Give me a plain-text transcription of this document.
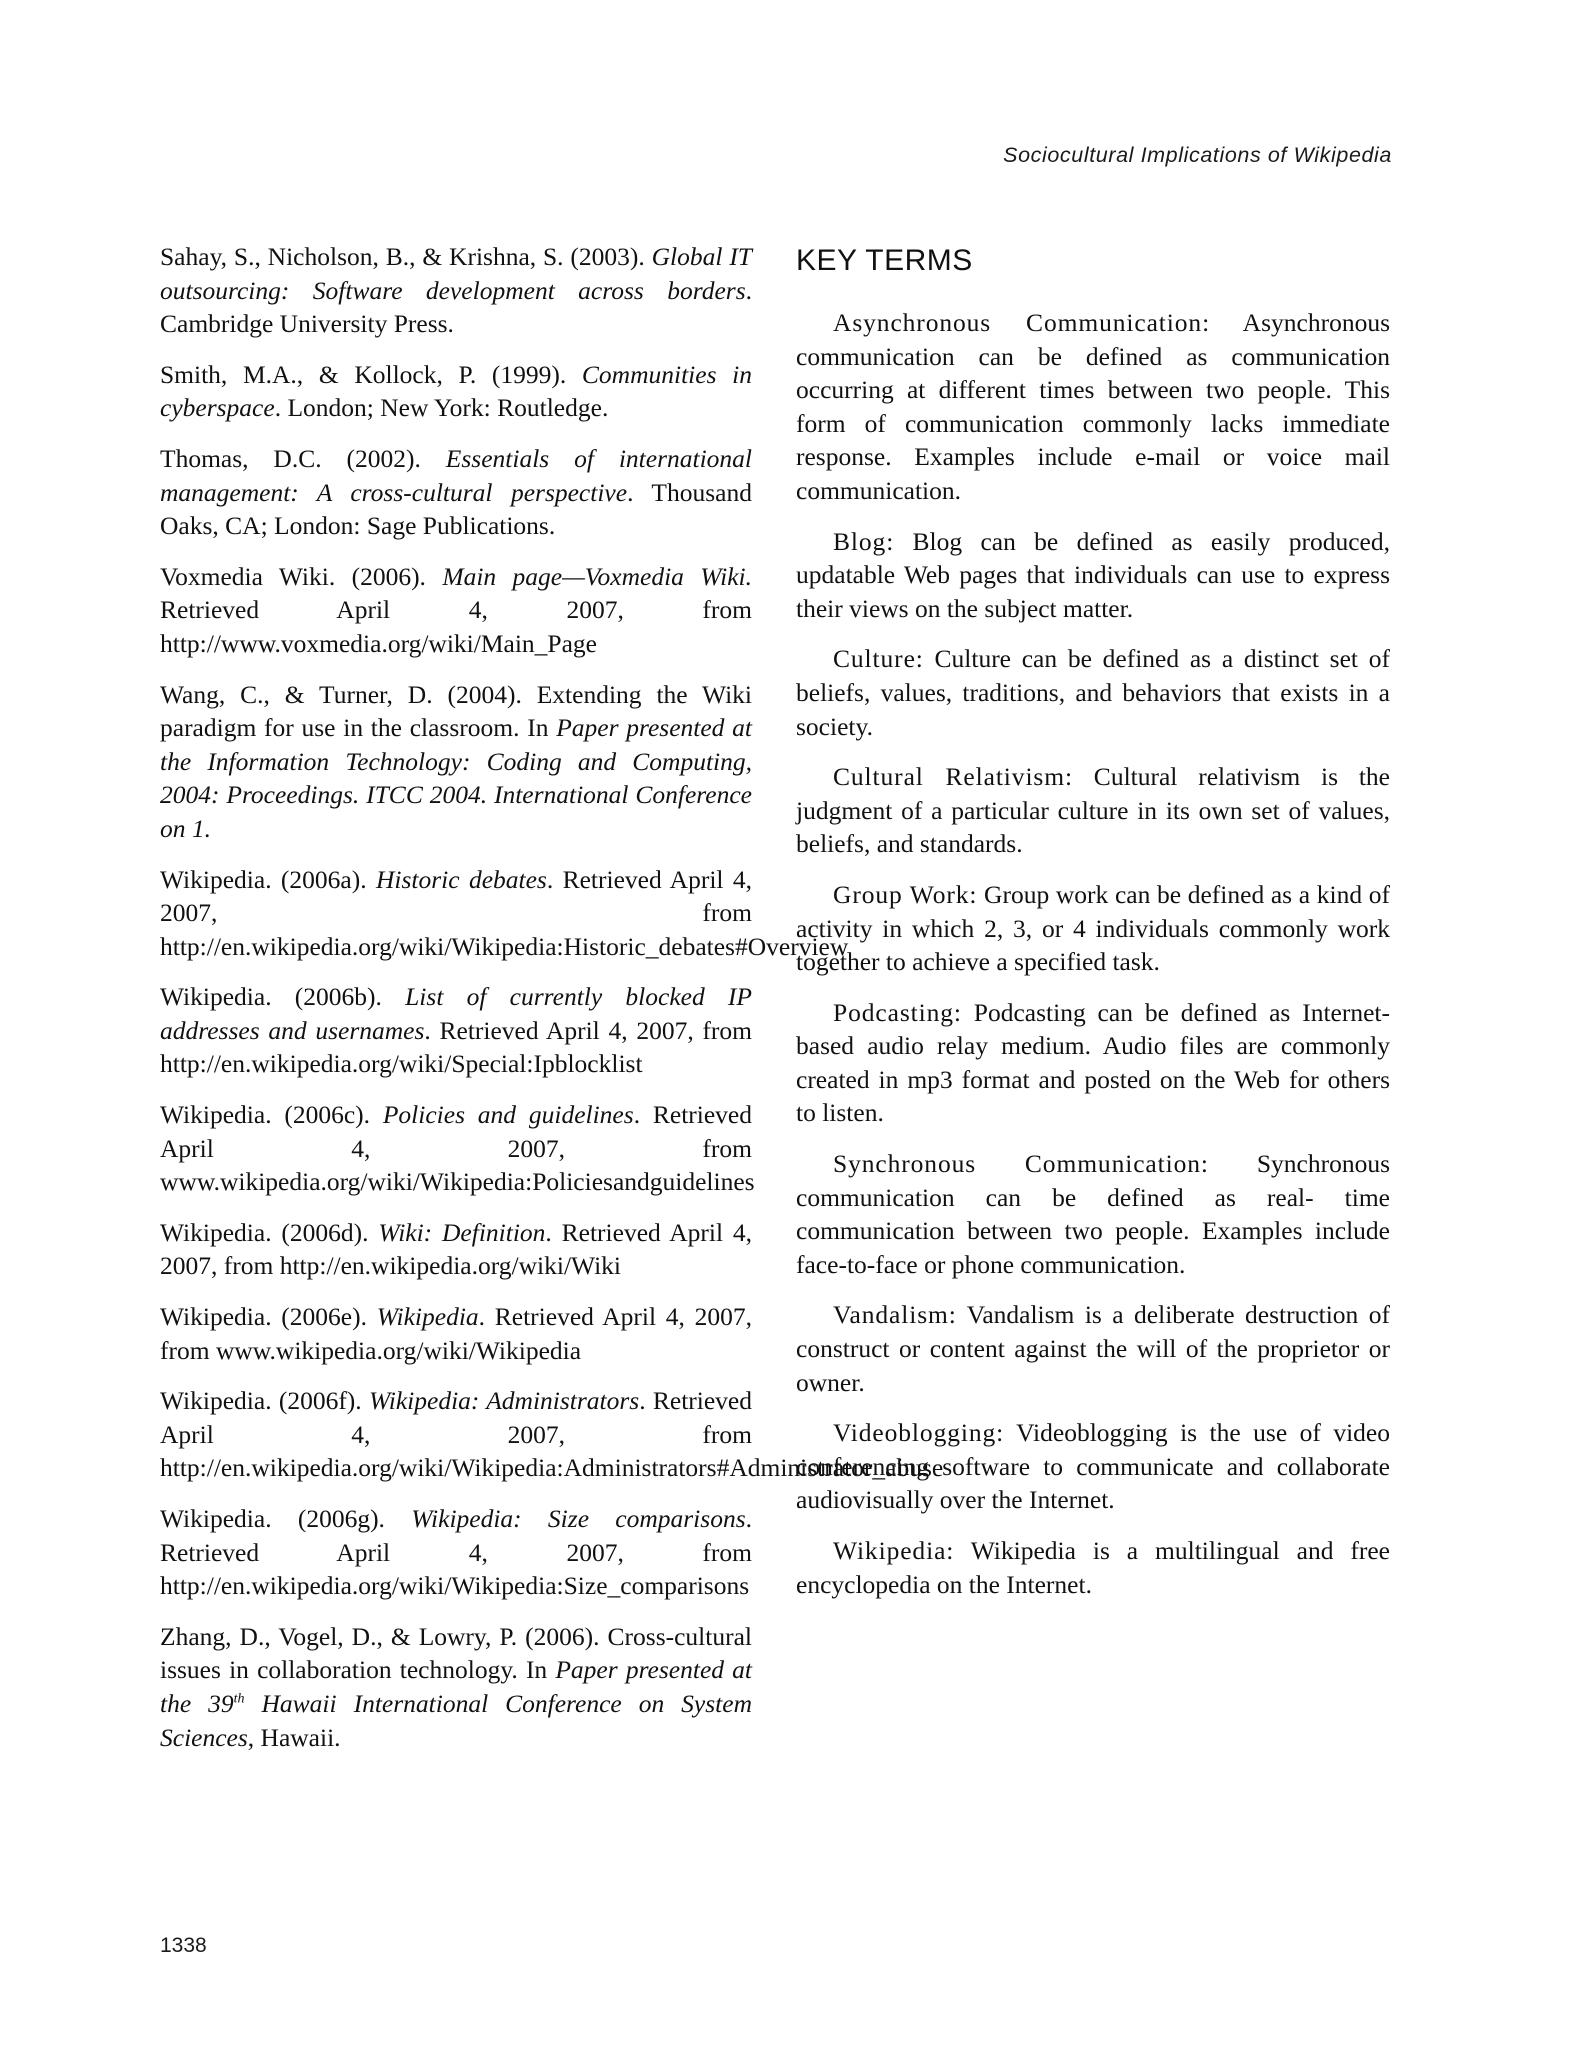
Sociocultural Implications of Wikipedia

Sahay, S., Nicholson, B., & Krishna, S. (2003). Global IT outsourcing: Software development across borders. Cambridge University Press.

Smith, M.A., & Kollock, P. (1999). Communities in cyberspace. London; New York: Routledge.

Thomas, D.C. (2002). Essentials of international management: A cross-cultural perspective. Thousand Oaks, CA; London: Sage Publications.

Voxmedia Wiki. (2006). Main page—Voxmedia Wiki. Retrieved April 4, 2007, from http://www.voxmedia.org/wiki/Main_Page

Wang, C., & Turner, D. (2004). Extending the Wiki paradigm for use in the classroom. In Paper presented at the Information Technology: Coding and Computing, 2004: Proceedings. ITCC 2004. International Conference on 1.

Wikipedia. (2006a). Historic debates. Retrieved April 4, 2007, from http://en.wikipedia.org/wiki/Wikipedia:Historic_debates#Overview

Wikipedia. (2006b). List of currently blocked IP addresses and usernames. Retrieved April 4, 2007, from http://en.wikipedia.org/wiki/Special:Ipblocklist

Wikipedia. (2006c). Policies and guidelines. Retrieved April 4, 2007, from www.wikipedia.org/wiki/Wikipedia:Policiesandguidelines

Wikipedia. (2006d). Wiki: Definition. Retrieved April 4, 2007, from http://en.wikipedia.org/wiki/Wiki

Wikipedia. (2006e). Wikipedia. Retrieved April 4, 2007, from www.wikipedia.org/wiki/Wikipedia

Wikipedia. (2006f). Wikipedia: Administrators. Retrieved April 4, 2007, from http://en.wikipedia.org/wiki/Wikipedia:Administrators#Administrator_abuse

Wikipedia. (2006g). Wikipedia: Size comparisons. Retrieved April 4, 2007, from http://en.wikipedia.org/wiki/Wikipedia:Size_comparisons

Zhang, D., Vogel, D., & Lowry, P. (2006). Cross-cultural issues in collaboration technology. In Paper presented at the 39th Hawaii International Conference on System Sciences, Hawaii.

KEY TERMS

Asynchronous Communication: Asynchronous communication can be defined as communication occurring at different times between two people. This form of communication commonly lacks immediate response. Examples include e-mail or voice mail communication.

Blog: Blog can be defined as easily produced, updatable Web pages that individuals can use to express their views on the subject matter.

Culture: Culture can be defined as a distinct set of beliefs, values, traditions, and behaviors that exists in a society.

Cultural Relativism: Cultural relativism is the judgment of a particular culture in its own set of values, beliefs, and standards.

Group Work: Group work can be defined as a kind of activity in which 2, 3, or 4 individuals commonly work together to achieve a specified task.

Podcasting: Podcasting can be defined as Internet-based audio relay medium. Audio files are commonly created in mp3 format and posted on the Web for others to listen.

Synchronous Communication: Synchronous communication can be defined as real- time communication between two people. Examples include face-to-face or phone communication.

Vandalism: Vandalism is a deliberate destruction of construct or content against the will of the proprietor or owner.

Videoblogging: Videoblogging is the use of video conferencing software to communicate and collaborate audiovisually over the Internet.

Wikipedia: Wikipedia is a multilingual and free encyclopedia on the Internet.

1338
